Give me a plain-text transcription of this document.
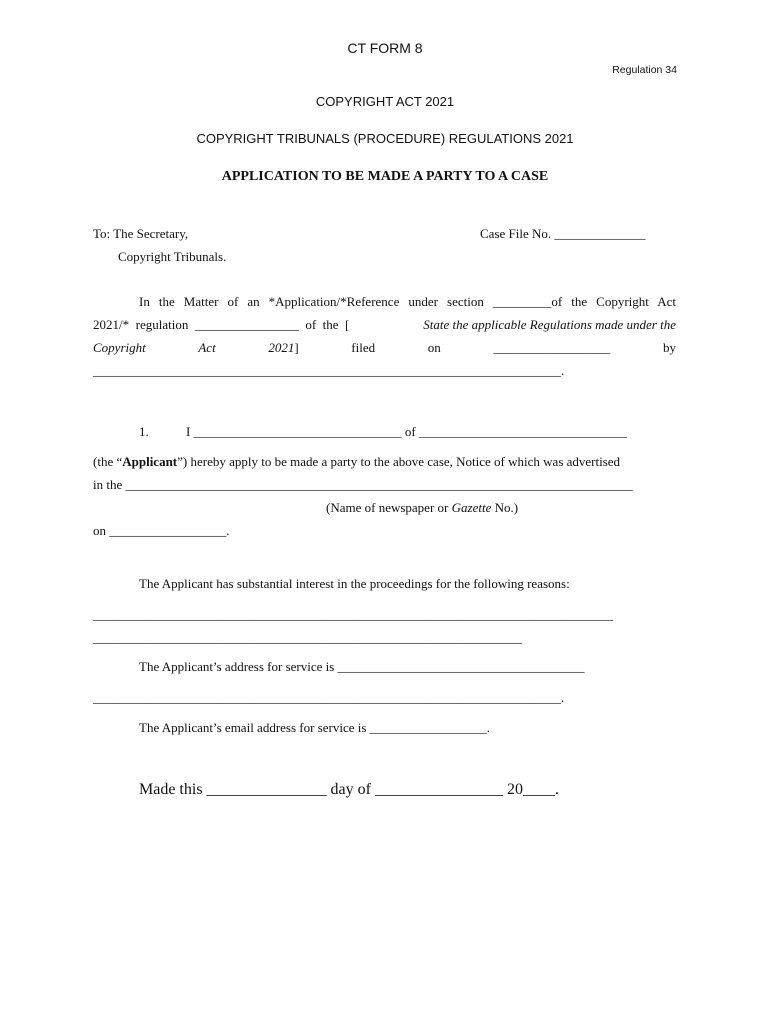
CT FORM 8
Regulation 34
COPYRIGHT ACT 2021
COPYRIGHT TRIBUNALS (PROCEDURE) REGULATIONS 2021
APPLICATION TO BE MADE A PARTY TO A CASE
To: The Secretary,
Copyright Tribunals.
Case File No. ______________
In the Matter of an *Application/*Reference under section _________of the Copyright Act
2021/*  regulation  ________________  of  the  [	State the applicable Regulations made under the
Copyright	Act	2021]	filed	on	__________________	by
________________________________________________________________________.
1.	I ________________________________ of ________________________________
(the “Applicant”) hereby apply to be made a party to the above case, Notice of which was advertised
in the ______________________________________________________________________________
(Name of newspaper or Gazette No.)
on __________________.
The Applicant has substantial interest in the proceedings for the following reasons:
________________________________________________________________________________
__________________________________________________________________
The Applicant’s address for service is ______________________________________
________________________________________________________________________.
The Applicant’s email address for service is __________________.
Made this _______________ day of ________________ 20____.
